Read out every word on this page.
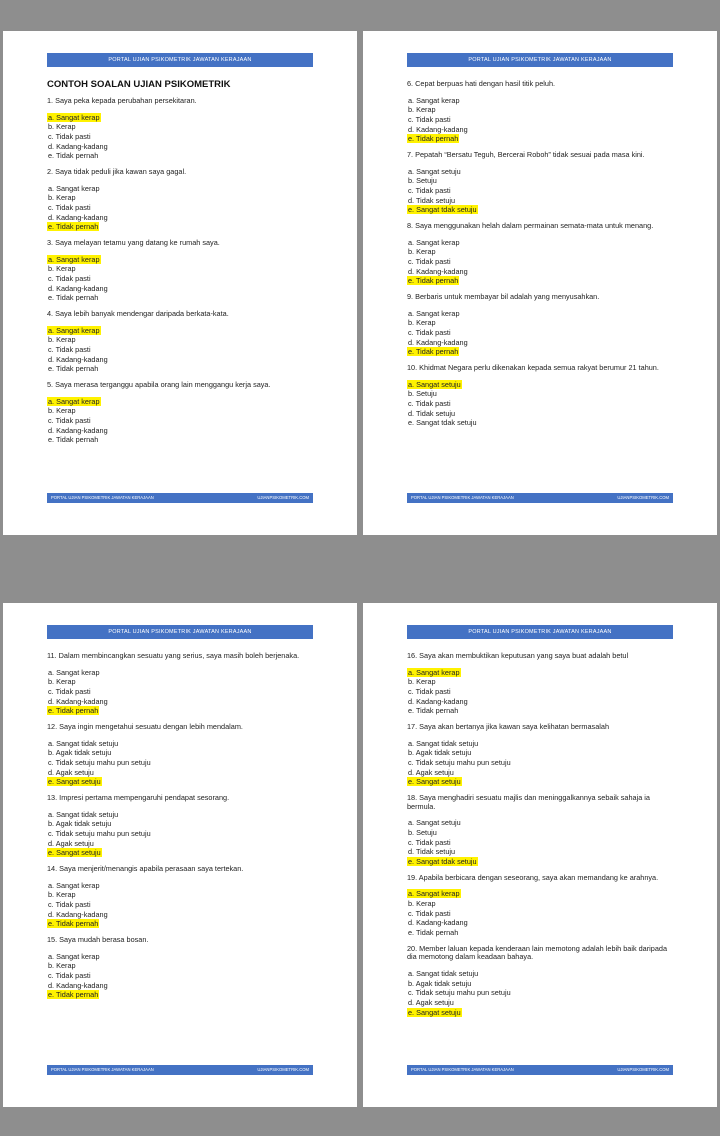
PORTAL UJIAN PSIKOMETRIK JAWATAN KERAJAAN
CONTOH SOALAN UJIAN PSIKOMETRIK
1. Saya peka kepada perubahan persekitaran.
a. Sangat kerap
b. Kerap
c. Tidak pasti
d. Kadang-kadang
e. Tidak pernah
2. Saya tidak peduli jika kawan saya gagal.
a. Sangat kerap
b. Kerap
c. Tidak pasti
d. Kadang-kadang
e. Tidak pernah
3. Saya melayan tetamu yang datang ke rumah saya.
a. Sangat kerap
b. Kerap
c. Tidak pasti
d. Kadang-kadang
e. Tidak pernah
4. Saya lebih banyak mendengar daripada berkata-kata.
a. Sangat kerap
b. Kerap
c. Tidak pasti
d. Kadang-kadang
e. Tidak pernah
5. Saya merasa terganggu apabila orang lain menggangu kerja saya.
a. Sangat kerap
b. Kerap
c. Tidak pasti
d. Kadang-kadang
e. Tidak pernah
PORTAL UJIAN PSIKOMETRIK JAWATAN KERAJAAN	UJIANPSIKOMETRIK.COM
PORTAL UJIAN PSIKOMETRIK JAWATAN KERAJAAN
6. Cepat berpuas hati dengan hasil titik peluh.
a. Sangat kerap
b. Kerap
c. Tidak pasti
d. Kadang-kadang
e. Tidak pernah
7. Pepatah “Bersatu Teguh, Bercerai Roboh” tidak sesuai pada masa kini.
a. Sangat setuju
b. Setuju
c. Tidak pasti
d. Tidak setuju
e. Sangat tdak setuju
8. Saya menggunakan helah dalam permainan semata-mata untuk menang.
a. Sangat kerap
b. Kerap
c. Tidak pasti
d. Kadang-kadang
e. Tidak pernah
9. Berbaris untuk membayar bil adalah yang menyusahkan.
a. Sangat kerap
b. Kerap
c. Tidak pasti
d. Kadang-kadang
e. Tidak pernah
10. Khidmat Negara perlu dikenakan kepada semua rakyat berumur 21 tahun.
a. Sangat setuju
b. Setuju
c. Tidak pasti
d. Tidak setuju
e. Sangat tdak setuju
PORTAL UJIAN PSIKOMETRIK JAWATAN KERAJAAN	UJIANPSIKOMETRIK.COM
PORTAL UJIAN PSIKOMETRIK JAWATAN KERAJAAN
11. Dalam membincangkan sesuatu yang serius, saya masih boleh berjenaka.
a. Sangat kerap
b. Kerap
c. Tidak pasti
d. Kadang-kadang
e. Tidak pernah
12. Saya ingin mengetahui sesuatu dengan lebih mendalam.
a. Sangat tidak setuju
b. Agak tidak setuju
c. Tidak setuju mahu pun setuju
d. Agak setuju
e. Sangat setuju
13. Impresi pertama mempengaruhi pendapat sesorang.
a. Sangat tidak setuju
b. Agak tidak setuju
c. Tidak setuju mahu pun setuju
d. Agak setuju
e. Sangat setuju
14. Saya menjerit/menangis apabila perasaan saya tertekan.
a. Sangat kerap
b. Kerap
c. Tidak pasti
d. Kadang-kadang
e. Tidak pernah
15. Saya mudah berasa bosan.
a. Sangat kerap
b. Kerap
c. Tidak pasti
d. Kadang-kadang
e. Tidak pernah
PORTAL UJIAN PSIKOMETRIK JAWATAN KERAJAAN	UJIANPSIKOMETRIK.COM
PORTAL UJIAN PSIKOMETRIK JAWATAN KERAJAAN
16. Saya akan membuktikan keputusan yang saya buat adalah betul
a. Sangat kerap
b. Kerap
c. Tidak pasti
d. Kadang-kadang
e. Tidak pernah
17. Saya akan bertanya jika kawan saya kelihatan bermasalah
a. Sangat tidak setuju
b. Agak tidak setuju
c. Tidak setuju mahu pun setuju
d. Agak setuju
e. Sangat setuju
18. Saya menghadiri sesuatu majlis dan meninggalkannya sebaik sahaja ia bermula.
a. Sangat setuju
b. Setuju
c. Tidak pasti
d. Tidak setuju
e. Sangat tdak setuju
19. Apabila berbicara dengan seseorang, saya akan memandang ke arahnya.
a. Sangat kerap
b. Kerap
c. Tidak pasti
d. Kadang-kadang
e. Tidak pernah
20. Member laluan kepada kenderaan lain memotong adalah lebih baik daripada dia memotong dalam keadaan bahaya.
a. Sangat tidak setuju
b. Agak tidak setuju
c. Tidak setuju mahu pun setuju
d. Agak setuju
e. Sangat setuju
PORTAL UJIAN PSIKOMETRIK JAWATAN KERAJAAN	UJIANPSIKOMETRIK.COM
